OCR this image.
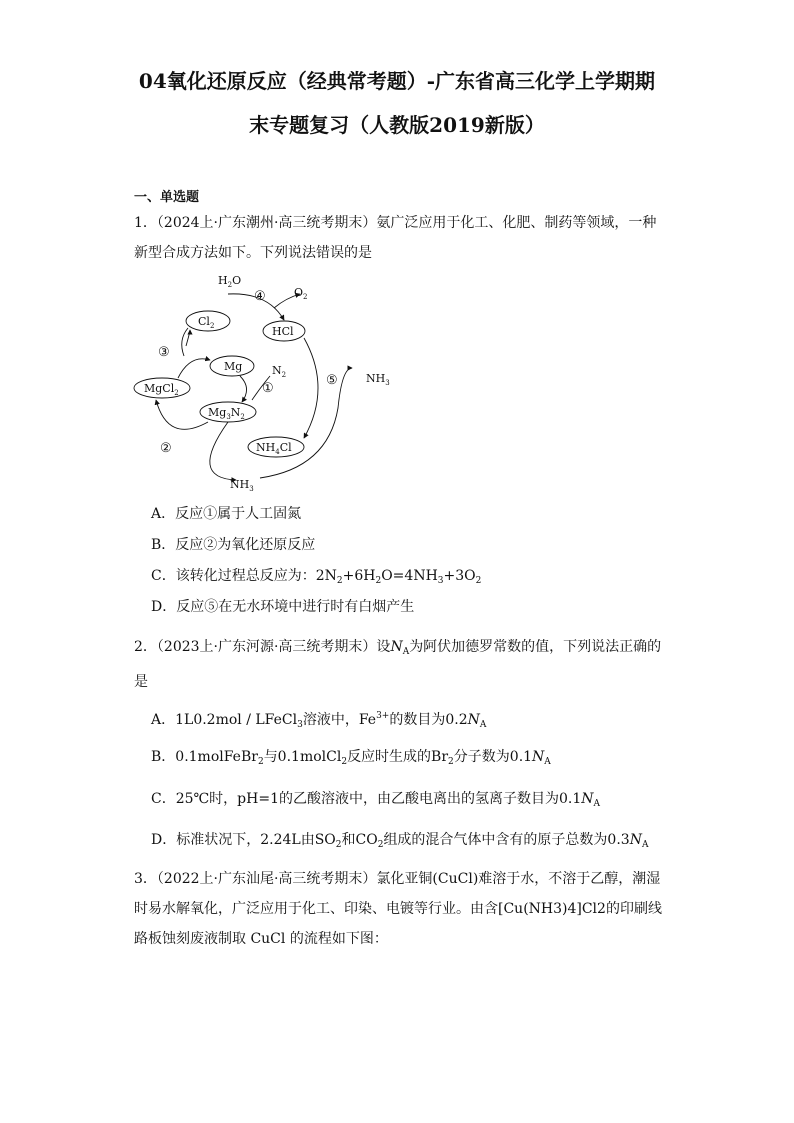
04氧化还原反应（经典常考题）-广东省高三化学上学期期
末专题复习（人教版2019新版）
一、单选题
1．（2024上·广东潮州·高三统考期末）氨广泛应用于化工、化肥、制药等领域，一种新型合成方法如下。下列说法错误的是
$Cl_2$	HCl
Mg
MgCl$_2$
$Mg_3N_2$
$NH_4Cl$
$H_2O$
$O_2$
$N_2$	$NH_3$
$NH_3$
①
②
③
④
⑤
A．反应①属于人工固氮
B．反应②为氧化还原反应
C．该转化过程总反应为：$2N_2+6H_2O=4NH_3+3O_2$
D．反应⑤在无水环境中进行时有白烟产生
2．（2023上·广东河源·高三统考期末）设$N_A$为阿伏加德罗常数的值，下列说法正确的是
A．1L0.2mol / LFeCl$_3$溶液中，$Fe^{3+}$的数目为$0.2N_A$
B．0.1molFeBr$_2$与0.1molCl$_2$反应时生成的$Br_2$分子数为$0.1N_A$
C．25℃时，pH=1的乙酸溶液中，由乙酸电离出的氢离子数目为$0.1N_A$
D．标准状况下，2.24L由$SO_2$和$CO_2$组成的混合气体中含有的原子总数为$0.3N_A$
3．（2022上·广东汕尾·高三统考期末）氯化亚铜(CuCl)难溶于水，不溶于乙醇，潮湿时易水解氧化，广泛应用于化工、印染、电镀等行业。由含[Cu(NH3)4]Cl2的印刷线路板蚀刻废液制取 CuCl 的流程如下图：
